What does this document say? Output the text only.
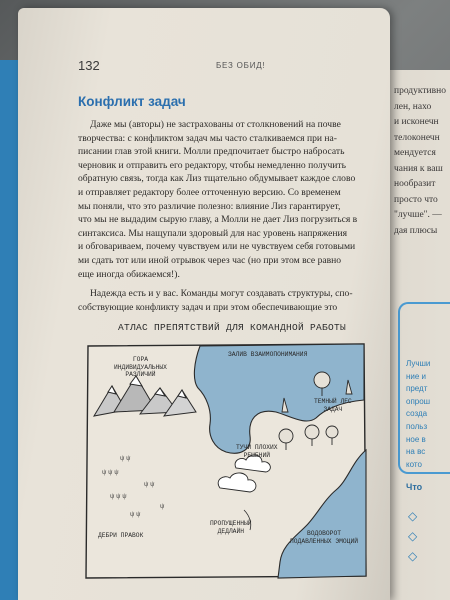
продуктивно
лен, нахо
и исконечн
телоконечн
мендуется
чания к ваш
нообразит
просто что
"лучше". —
дая плюсы
Лучши
ние и
предт
опрош
созда
польз
ное в
на вс
кото
Что
◇
◇
◇
132	БЕЗ ОБИД!
Конфликт задач
Даже мы (авторы) не застрахованы от столкновений на почве
творчества: с конфликтом задач мы часто сталкиваемся при на-
писании глав этой книги. Молли предпочитает быстро набросать
черновик и отправить его редактору, чтобы немедленно получить
обратную связь, тогда как Лиз тщательно обдумывает каждое слово
и отправляет редактору более отточенную версию. Со временем
мы поняли, что это различие полезно: влияние Лиз гарантирует,
что мы не выдадим сырую главу, а Молли не дает Лиз погрузиться в
синтаксиса. Мы нащупали здоровый для нас уровень напряжения
и обговариваем, почему чувствуем или не чувствуем себя готовыми
ми сдать тот или иной отрывок через час (но при этом все равно
еще иногда обижаемся!).
Надежда есть и у вас. Команды могут создавать структуры, спо-
собствующие конфликту задач и при этом обеспечивающие это
АТЛАС ПРЕПЯТСТВИЙ ДЛЯ КОМАНДНОЙ РАБОТЫ
ψ ψ
ψ ψ ψ
ψ ψ
ψ ψ ψ
ψ
ψ ψ
ГОРА
ИНДИВИДУАЛЬНЫХ
РАЗЛИЧИЙ
ЗАЛИВ ВЗАИМОПОНИМАНИЯ
ТЕМНЫЙ ЛЕС
ЗАДАЧ
ТУЧИ ПЛОХИХ
РЕШЕНИЙ
ДЕБРИ ПРАВОК
ПРОПУЩЕННЫЙ
ДЕДЛАЙН	ВОДОВОРОТ
ПОДАВЛЕННЫХ ЭМОЦИЙ
